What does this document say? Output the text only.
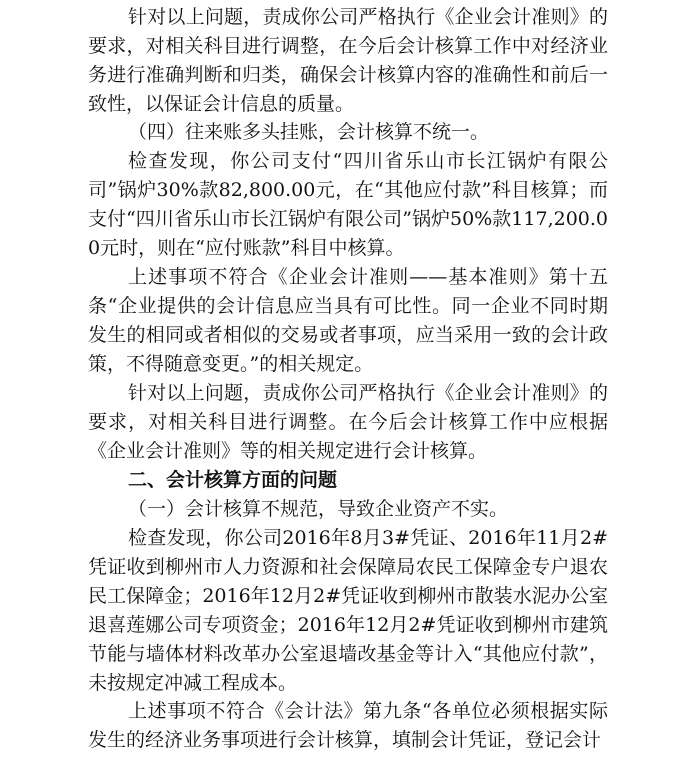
针对以上问题，责成你公司严格执行《企业会计准则》的要求，对相关科目进行调整，在今后会计核算工作中对经济业务进行准确判断和归类，确保会计核算内容的准确性和前后一致性，以保证会计信息的质量。

（四）往来账多头挂账，会计核算不统一。

检查发现，你公司支付“四川省乐山市长江锅炉有限公司”锅炉30%款82,800.00元，在“其他应付款”科目核算；而支付“四川省乐山市长江锅炉有限公司”锅炉50%款117,200.00元时，则在“应付账款”科目中核算。

上述事项不符合《企业会计准则——基本准则》第十五条“企业提供的会计信息应当具有可比性。同一企业不同时期发生的相同或者相似的交易或者事项，应当采用一致的会计政策，不得随意变更。”的相关规定。

针对以上问题，责成你公司严格执行《企业会计准则》的要求，对相关科目进行调整。在今后会计核算工作中应根据《企业会计准则》等的相关规定进行会计核算。

二、会计核算方面的问题

（一）会计核算不规范，导致企业资产不实。

检查发现，你公司2016年8月3#凭证、2016年11月2#凭证收到柳州市人力资源和社会保障局农民工保障金专户退农民工保障金；2016年12月2#凭证收到柳州市散装水泥办公室退喜莲娜公司专项资金；2016年12月2#凭证收到柳州市建筑节能与墙体材料改革办公室退墙改基金等计入“其他应付款”，未按规定冲减工程成本。

上述事项不符合《会计法》第九条“各单位必须根据实际发生的经济业务事项进行会计核算，填制会计凭证，登记会计
